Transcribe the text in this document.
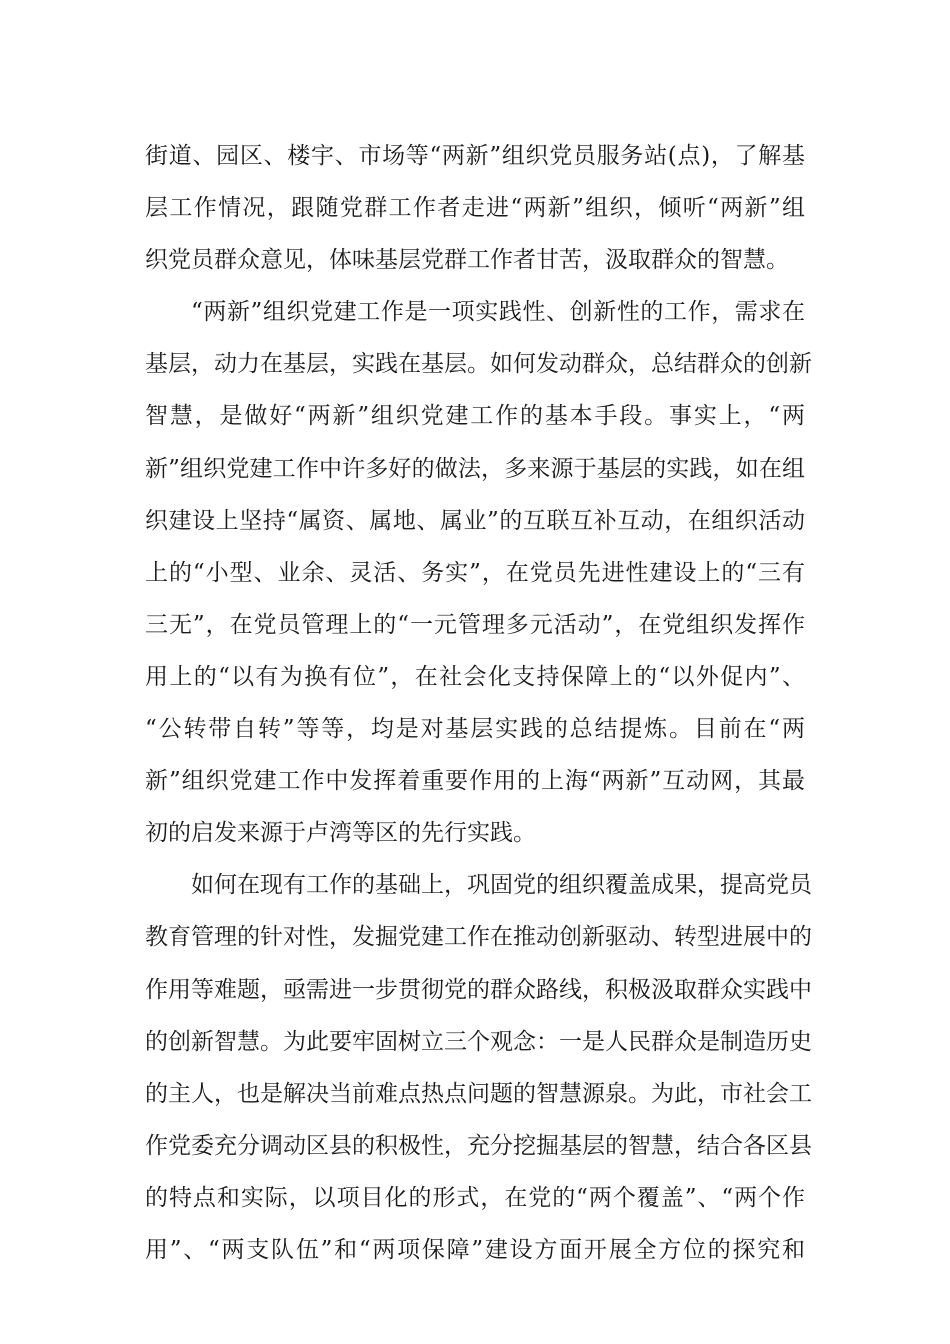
街道、园区、楼宇、市场等“两新”组织党员服务站(点)，了解基
层工作情况，跟随党群工作者走进“两新”组织，倾听“两新”组
织党员群众意见，体味基层党群工作者甘苦，汲取群众的智慧。
“两新”组织党建工作是一项实践性、创新性的工作，需求在
基层，动力在基层，实践在基层。如何发动群众，总结群众的创新
智慧，是做好“两新”组织党建工作的基本手段。事实上，“两
新”组织党建工作中许多好的做法，多来源于基层的实践，如在组
织建设上坚持“属资、属地、属业”的互联互补互动，在组织活动
上的“小型、业余、灵活、务实”，在党员先进性建设上的“三有
三无”，在党员管理上的“一元管理多元活动”，在党组织发挥作
用上的“以有为换有位”，在社会化支持保障上的“以外促内”、
“公转带自转”等等，均是对基层实践的总结提炼。目前在“两
新”组织党建工作中发挥着重要作用的上海“两新”互动网，其最
初的启发来源于卢湾等区的先行实践。
如何在现有工作的基础上，巩固党的组织覆盖成果，提高党员
教育管理的针对性，发掘党建工作在推动创新驱动、转型进展中的
作用等难题，亟需进一步贯彻党的群众路线，积极汲取群众实践中
的创新智慧。为此要牢固树立三个观念：一是人民群众是制造历史
的主人，也是解决当前难点热点问题的智慧源泉。为此，市社会工
作党委充分调动区县的积极性，充分挖掘基层的智慧，结合各区县
的特点和实际，以项目化的形式，在党的“两个覆盖”、“两个作
用”、“两支队伍”和“两项保障”建设方面开展全方位的探究和
